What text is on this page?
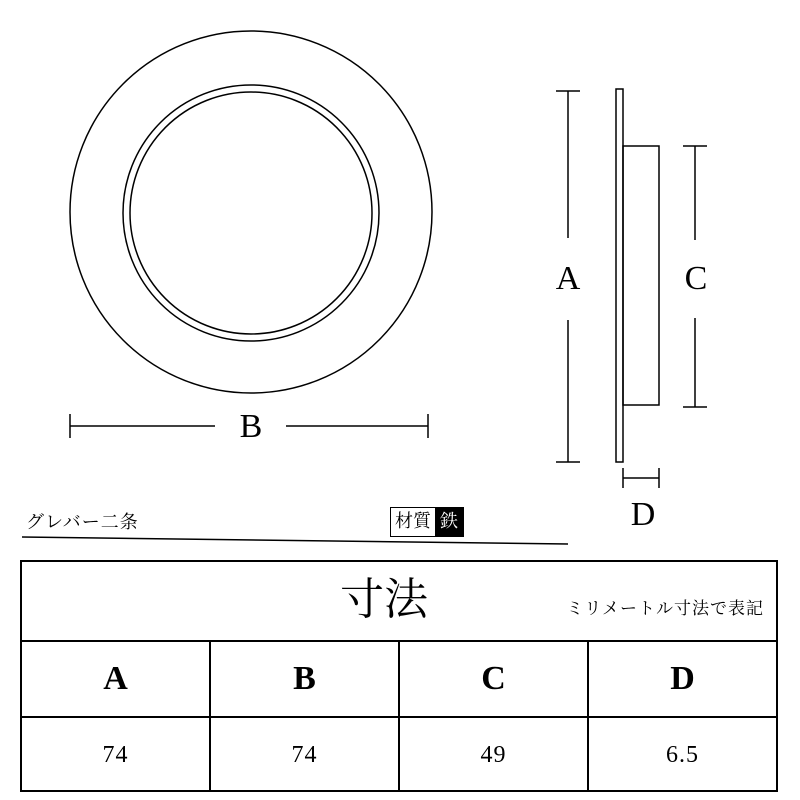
B
A	C
D
グレバー二条	材質 鉄
寸法	ミリメートル寸法で表記
A	B	C	D
74	74	49	6.5
